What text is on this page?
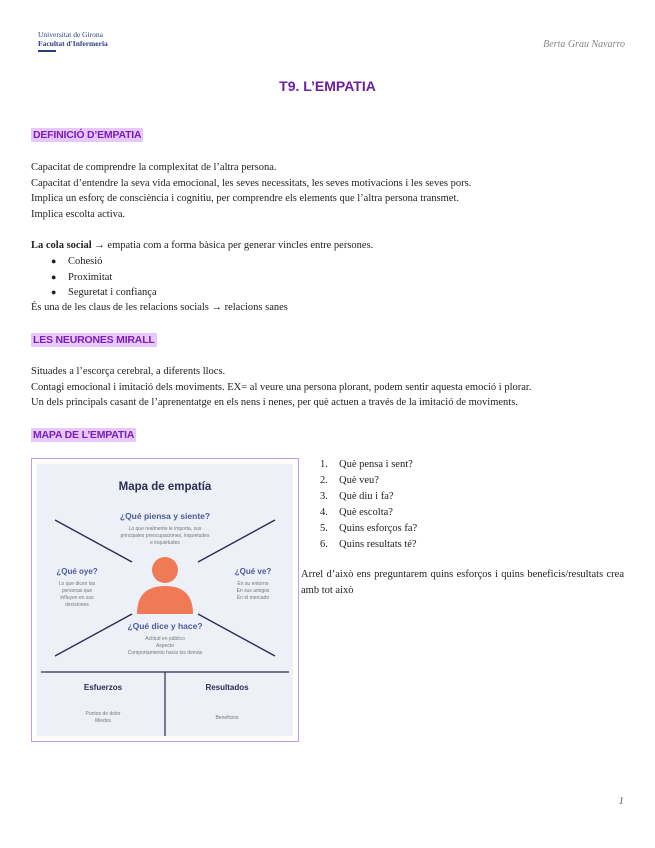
Universitat de Girona
Facultat d'Infermeria	Berta Grau Navarro
T9. L’EMPATIA
DEFINICIÓ D’EMPATIA

Capacitat de comprendre la complexitat de l’altra persona.

Capacitat d’entendre la seva vida emocional, les seves necessitats, les seves motivacions i les seves pors.

Implica un esforç de consciència i cognitiu, per comprendre els elements que l’altra persona transmet.

Implica escolta activa.

La cola social → empatia com a forma bàsica per generar vincles entre persones.

● Cohesió
● Proximitat
● Seguretat i confiança

És una de les claus de les relacions socials → relacions sanes

LES NEURONES MIRALL

Situades a l’escorça cerebral, a diferents llocs.

Contagi emocional i imitació dels moviments. EX= al veure una persona plorant, podem sentir aquesta emoció i plorar.

Un dels principals casant de l’aprenentatge en els nens i nenes, per què actuen a través de la imitació de moviments.

MAPA DE L’EMPATIA
Mapa de empatía
¿Qué piensa y siente?
Lo que realmente le importa, sus
principales preocupaciones, inquietudes
e inquietudes
¿Qué oye?
Lo que dicen las
personas que
influyen en sus
decisiones
¿Qué ve?
En su entorno
En sus amigos
En el mercado
¿Qué dice y hace?
Actitud en público
Aspecto
Comportamiento hacia los demás
Esfuerzos
Puntos de dolor
Miedos
Resultados
Beneficios
1. Què pensa i sent?
2. Què veu?
3. Què diu i fa?
4. Què escolta?
5. Quins esforços fa?
6. Quins resultats té?
Arrel d’això ens preguntarem quins esforços i quins beneficis/resultats crea amb tot això
1
